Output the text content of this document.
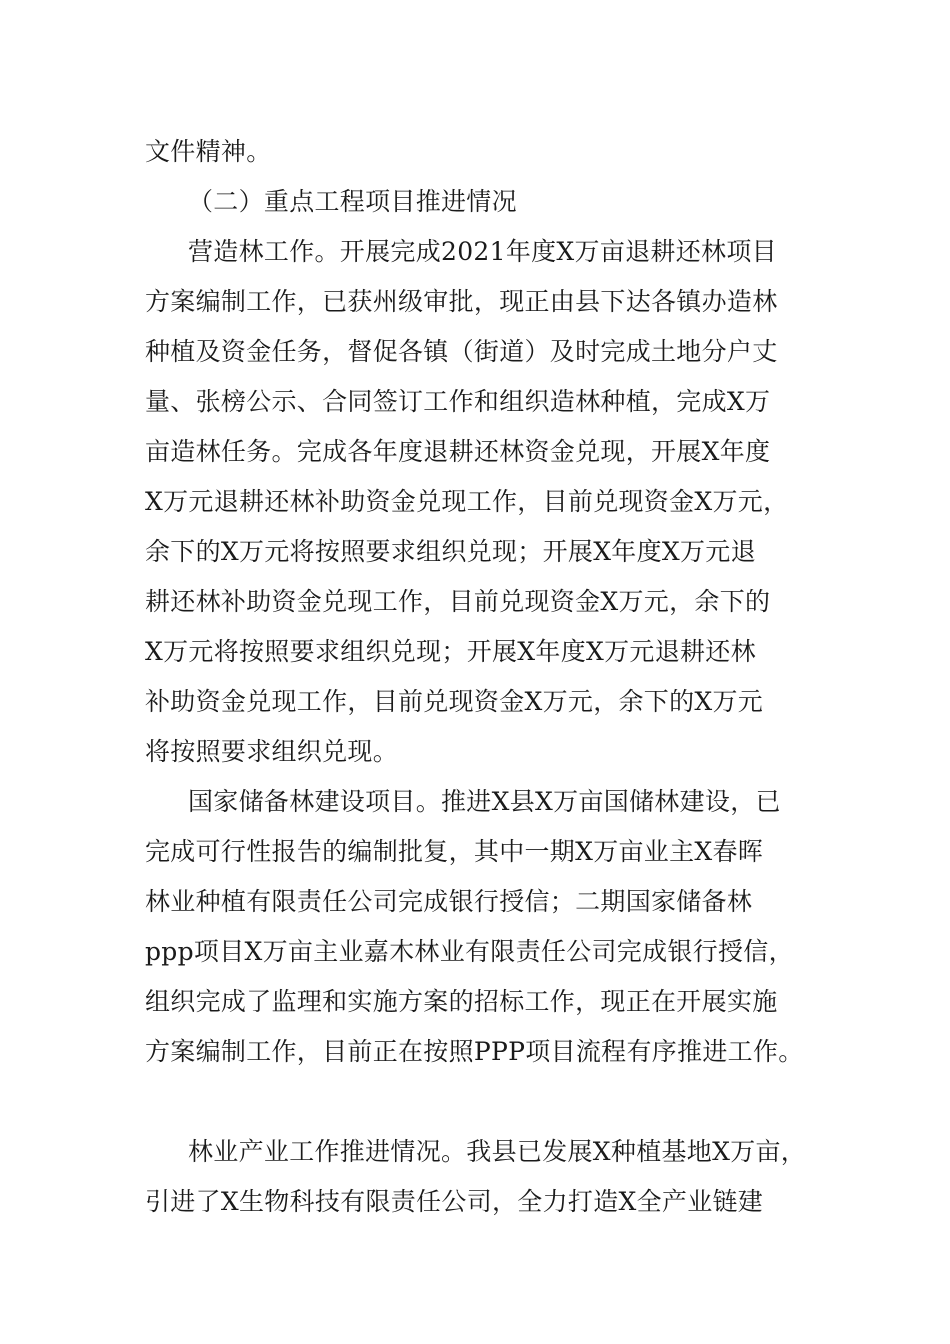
文件精神。
（二）重点工程项目推进情况
营造林工作。开展完成2021年度X万亩退耕还林项目
方案编制工作，已获州级审批，现正由县下达各镇办造林
种植及资金任务，督促各镇（街道）及时完成土地分户丈
量、张榜公示、合同签订工作和组织造林种植，完成X万
亩造林任务。完成各年度退耕还林资金兑现，开展X年度
X万元退耕还林补助资金兑现工作，目前兑现资金X万元，
余下的X万元将按照要求组织兑现；开展X年度X万元退
耕还林补助资金兑现工作，目前兑现资金X万元，余下的
X万元将按照要求组织兑现；开展X年度X万元退耕还林
补助资金兑现工作，目前兑现资金X万元，余下的X万元
将按照要求组织兑现。
国家储备林建设项目。推进X县X万亩国储林建设，已
完成可行性报告的编制批复，其中一期X万亩业主X春晖
林业种植有限责任公司完成银行授信；二期国家储备林
ppp项目X万亩主业嘉木林业有限责任公司完成银行授信，
组织完成了监理和实施方案的招标工作，现正在开展实施
方案编制工作，目前正在按照PPP项目流程有序推进工作。
林业产业工作推进情况。我县已发展X种植基地X万亩，
引进了X生物科技有限责任公司，全力打造X全产业链建
